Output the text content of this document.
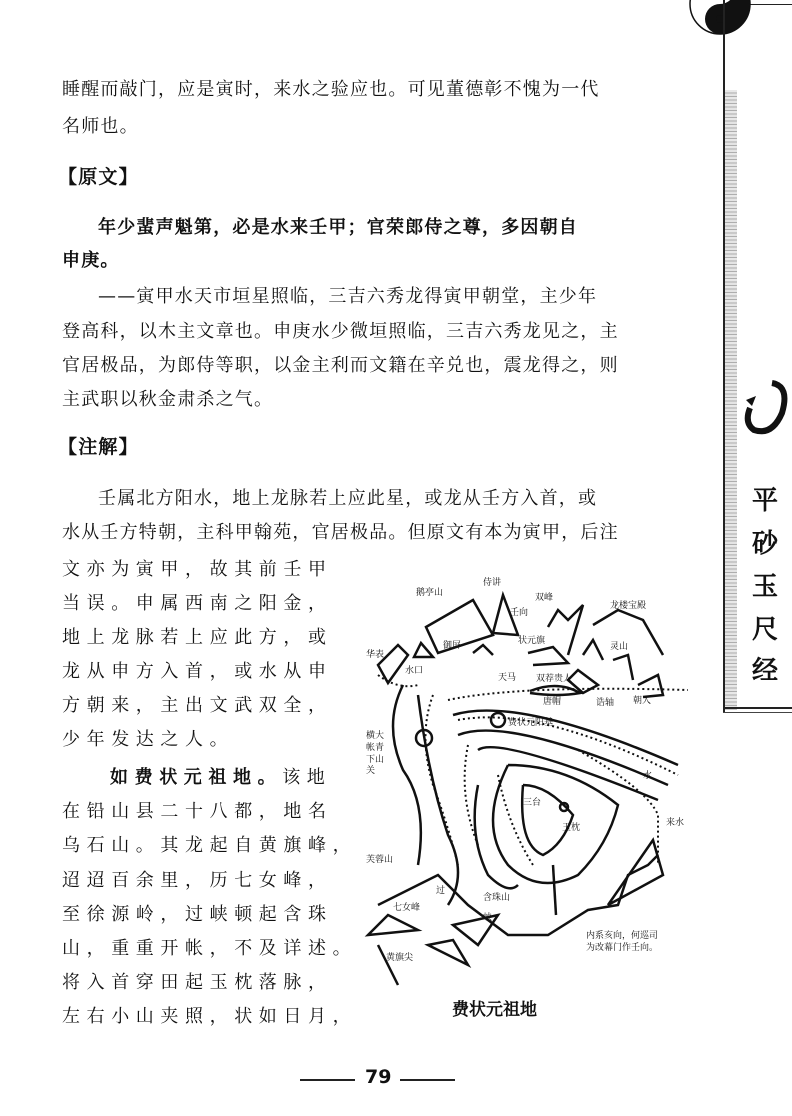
睡醒而敲门，应是寅时，来水之验应也。可见董德彰不愧为一代
名师也。
【原文】
年少蜚声魁第，必是水来壬甲；官荣郎侍之尊，多因朝自
申庚。
——寅甲水天市垣星照临，三吉六秀龙得寅甲朝堂，主少年
登高科，以木主文章也。申庚水少微垣照临，三吉六秀龙见之，主
官居极品，为郎侍等职，以金主利而文籍在辛兑也，震龙得之，则
主武职以秋金肃杀之气。
【注解】
壬属北方阳水，地上龙脉若上应此星，或龙从壬方入首，或
水从壬方特朝，主科甲翰苑，官居极品。但原文有本为寅甲，后注
文亦为寅甲，故其前壬甲
当误。申属西南之阳金，
地上龙脉若上应此方，或
龙从申方入首，或水从申
方朝来，主出文武双全，
少年发达之人。
如费状元祖地。该地
在铅山县二十八都，地名
乌石山。其龙起自黄旗峰，
迢迢百余里，历七女峰，
至徐源岭，过峡顿起含珠
山，重重开帐，不及详述。
将入首穿田起玉枕落脉，
左右小山夹照，状如日月，
鹅亭山
侍讲
双峰
壬向
龙楼宝殿
华表
御屏	状元旗
灵山
水口
天马 双荐贵人
唐帽	诰轴 朝人
费状元阳基
横大
帐青
下山
关	水
三台
玉枕	来水
芙蓉山
过
含珠山
七女峰
峡
黄旗尖
内系亥向，何巡司
为改幕门作壬向。
费状元祖地
平
砂
玉
尺
经
79
